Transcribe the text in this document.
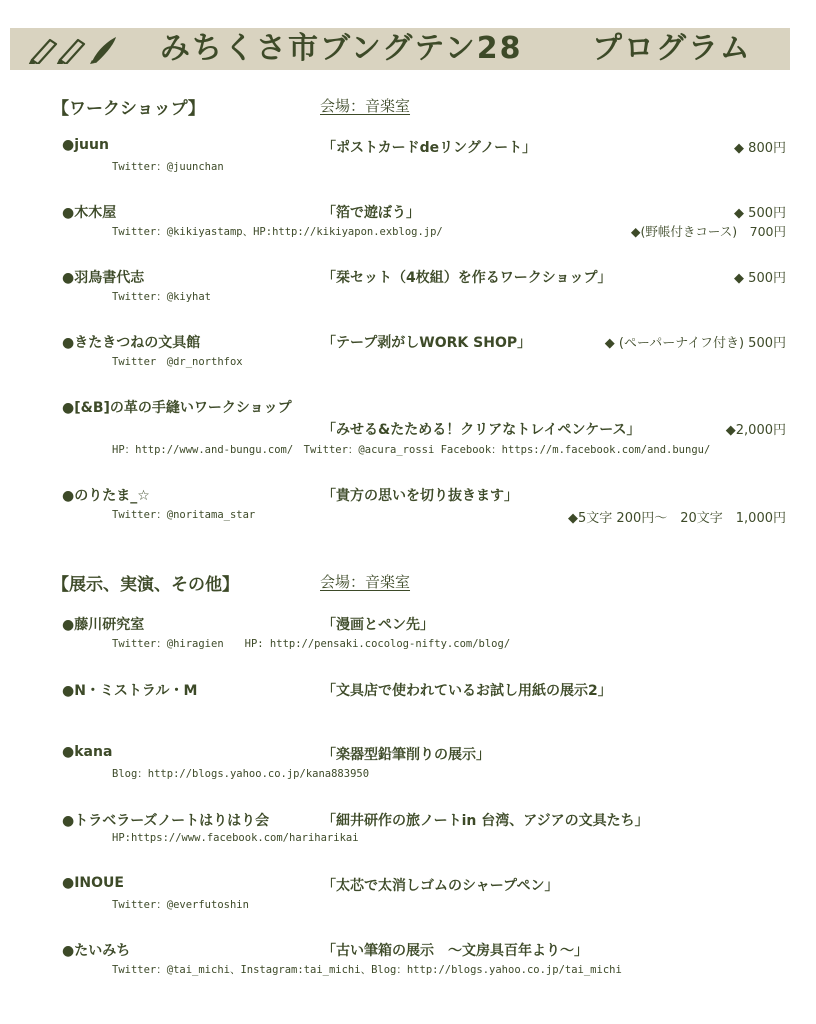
みちくさ市ブングテン28 プログラム
【ワークショップ】	会場：音楽室
●juun	「ポストカードdeリングノート」	◆ 800円
Twitter：@juunchan
●木木屋	「箔で遊ぼう」	◆ 500円
Twitter：@kikiyastamp、HP:http://kikiyapon.exblog.jp/	◆(野帳付きコース)　700円
●羽鳥書代志	「栞セット（4枚組）を作るワークショップ」	◆ 500円
Twitter：@kiyhat
●きたきつねの文具館	「テープ剥がしWORK SHOP」	◆ (ペーパーナイフ付き) 500円
Twitter　@dr_northfox
●[&B]の革の手縫いワークショップ
「みせる&たためる！クリアなトレイペンケース」	◆2,000円
HP：http://www.and-bungu.com/　Twitter：@acura_rossi Facebook：https://m.facebook.com/and.bungu/
●のりたま_☆	「貴方の思いを切り抜きます」
◆5文字 200円〜　20文字　1,000円
Twitter：@noritama_star
【展示、実演、その他】	会場：音楽室
●藤川研究室	「漫画とペン先」
Twitter：@hiragien　　HP: http://pensaki.cocolog-nifty.com/blog/
●N・ミストラル・M	「文具店で使われているお試し用紙の展示2」
●kana	「楽器型鉛筆削りの展示」
Blog：http://blogs.yahoo.co.jp/kana883950
●トラベラーズノートはりはり会	「細井研作の旅ノートin 台湾、アジアの文具たち」
HP:https://www.facebook.com/hariharikai
●INOUE	「太芯で太消しゴムのシャープペン」
Twitter：@everfutoshin
●たいみち	「古い筆箱の展示　〜文房具百年より〜」
Twitter：@tai_michi、Instagram:tai_michi、Blog：http://blogs.yahoo.co.jp/tai_michi
